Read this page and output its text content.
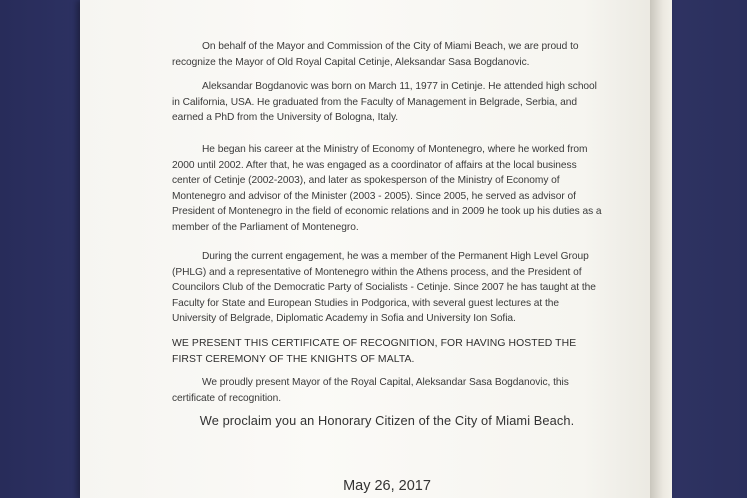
On behalf of the Mayor and Commission of the City of Miami Beach, we are proud to recognize the Mayor of Old Royal Capital Cetinje, Aleksandar Sasa Bogdanovic.
Aleksandar Bogdanovic was born on March 11, 1977 in Cetinje. He attended high school in California, USA. He graduated from the Faculty of Management in Belgrade, Serbia, and earned a PhD from the University of Bologna, Italy.
He began his career at the Ministry of Economy of Montenegro, where he worked from 2000 until 2002. After that, he was engaged as a coordinator of affairs at the local business center of Cetinje (2002-2003), and later as spokesperson of the Ministry of Economy of Montenegro and advisor of the Minister (2003 - 2005). Since 2005, he served as advisor of President of Montenegro in the field of economic relations and in 2009 he took up his duties as a member of the Parliament of Montenegro.
During the current engagement, he was a member of the Permanent High Level Group (PHLG) and a representative of Montenegro within the Athens process, and the President of Councilors Club of the Democratic Party of Socialists - Cetinje. Since 2007 he has taught at the Faculty for State and European Studies in Podgorica, with several guest lectures at the University of Belgrade, Diplomatic Academy in Sofia and University Ion Sofia.
WE PRESENT THIS CERTIFICATE OF RECOGNITION, FOR HAVING HOSTED THE FIRST CEREMONY OF THE KNIGHTS OF MALTA.
We proudly present Mayor of the Royal Capital, Aleksandar Sasa Bogdanovic, this certificate of recognition.
We proclaim you an Honorary Citizen of the City of Miami Beach.
May 26, 2017
